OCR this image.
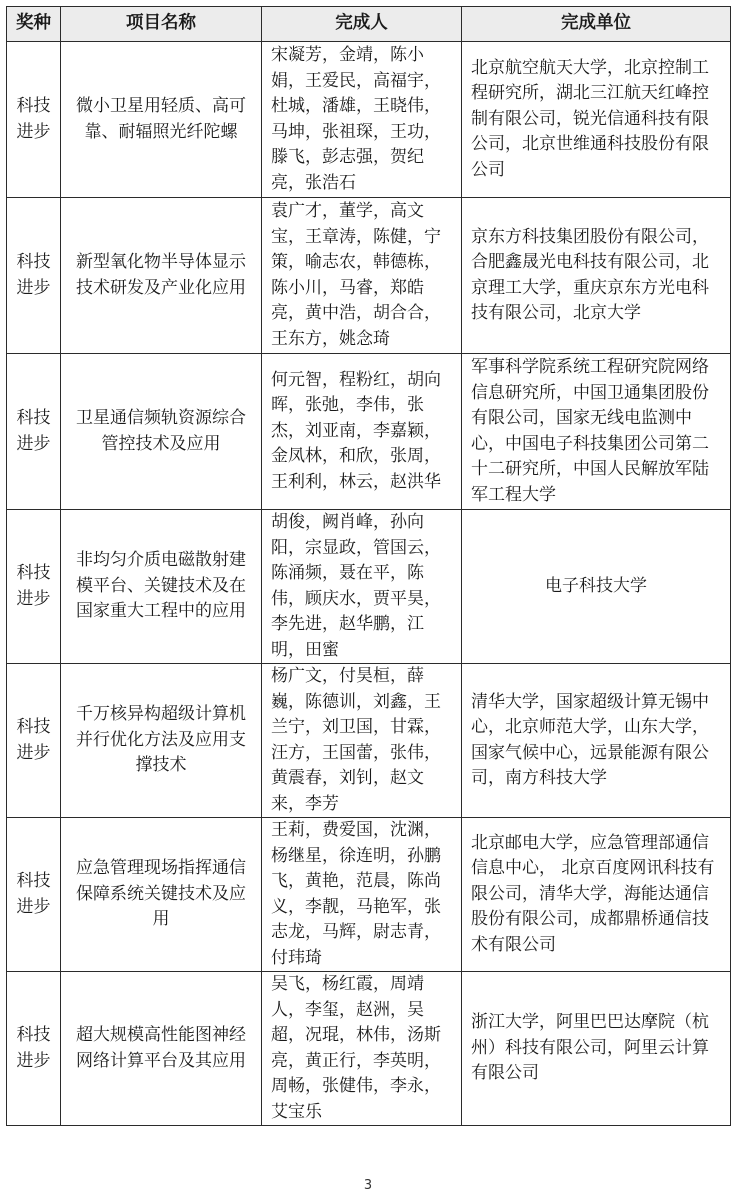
奖种	项目名称	完成人	完成单位
科技进步	微小卫星用轻质、高可靠、耐辐照光纤陀螺	宋凝芳，金靖，陈小娟，王爱民，高福宇，杜城，潘雄，王晓伟，马坤，张祖琛，王功，滕飞，彭志强，贺纪亮，张浩石	北京航空航天大学，北京控制工程研究所，湖北三江航天红峰控制有限公司，锐光信通科技有限公司，北京世维通科技股份有限公司
科技进步	新型氧化物半导体显示技术研发及产业化应用	袁广才，董学，高文宝，王章涛，陈健，宁策，喻志农，韩德栋，陈小川，马睿，郑皓亮，黄中浩，胡合合，王东方，姚念琦	京东方科技集团股份有限公司，合肥鑫晟光电科技有限公司，北京理工大学，重庆京东方光电科技有限公司，北京大学
科技进步	卫星通信频轨资源综合管控技术及应用	何元智，程粉红，胡向晖，张弛，李伟，张杰，刘亚南，李嘉颖，金凤林，和欣，张周，王利利，林云，赵洪华	军事科学院系统工程研究院网络信息研究所，中国卫通集团股份有限公司，国家无线电监测中心，中国电子科技集团公司第二十二研究所，中国人民解放军陆军工程大学
科技进步	非均匀介质电磁散射建模平台、关键技术及在国家重大工程中的应用	胡俊，阙肖峰，孙向阳，宗显政，管国云，陈涌频，聂在平，陈伟，顾庆水，贾平昊，李先进，赵华鹏，江明，田蜜	电子科技大学
科技进步	千万核异构超级计算机并行优化方法及应用支撑技术	杨广文，付昊桓，薛巍，陈德训，刘鑫，王兰宁，刘卫国，甘霖，汪方，王国蕾，张伟，黄震春，刘钊，赵文来，李芳	清华大学，国家超级计算无锡中心，北京师范大学，山东大学，国家气候中心，远景能源有限公司，南方科技大学
科技进步	应急管理现场指挥通信保障系统关键技术及应用	王莉，费爱国，沈渊，杨继星，徐连明，孙鹏飞，黄艳，范晨，陈尚义，李靓，马艳军，张志龙，马辉，尉志青，付玮琦	北京邮电大学，应急管理部通信信息中心， 北京百度网讯科技有限公司，清华大学，海能达通信股份有限公司，成都鼎桥通信技术有限公司
科技进步	超大规模高性能图神经网络计算平台及其应用	吴飞，杨红霞，周靖人，李玺，赵洲，吴超，况琨，林伟，汤斯亮，黄正行，李英明，周畅，张健伟，李永，艾宝乐	浙江大学，阿里巴巴达摩院（杭州）科技有限公司，阿里云计算有限公司
3
